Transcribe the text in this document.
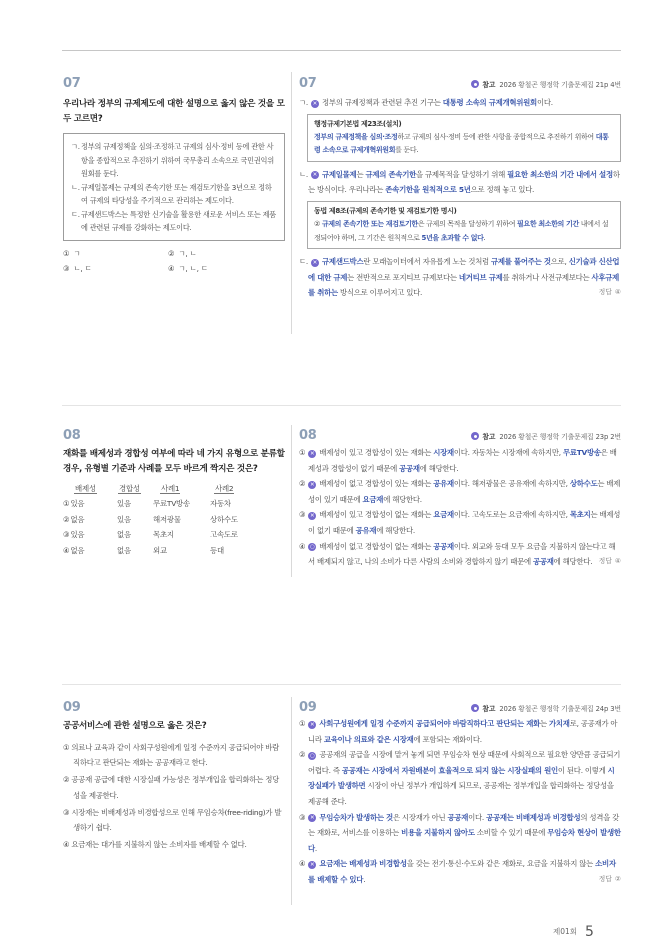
07

우리나라 정부의 규제제도에 대한 설명으로 옳지 않은 것을 모두 고르면?

ㄱ. 정부의 규제정책을 심의·조정하고 규제의 심사·정비 등에 관한 사항을 종합적으로 추진하기 위하여 국무총리 소속으로 국민권익위원회를 둔다.
ㄴ. 규제일몰제는 규제의 존속기한 또는 재검토기한을 3년으로 정하여 규제의 타당성을 주기적으로 관리하는 제도이다.
ㄷ. 규제샌드박스는 특정한 신기술을 활용한 새로운 서비스 또는 제품에 관련된 규제를 강화하는 제도이다.
① ㄱ	② ㄱ, ㄴ
③ ㄴ, ㄷ	④ ㄱ, ㄴ, ㄷ
07	참고 2026 황철곤 행정학 기출문제집 21p 4번

ㄱ. ✕ 정부의 규제정책과 관련된 추진 기구는 대통령 소속의 규제개혁위원회이다.

행정규제기본법 제23조(설치)
정부의 규제정책을 심의·조정하고 규제의 심사·정비 등에 관한 사항을 종합적으로 추진하기 위하여 대통령 소속으로 규제개혁위원회를 둔다.

ㄴ. ✕ 규제일몰제는 규제의 존속기한을 규제목적을 달성하기 위해 필요한 최소한의 기간 내에서 설정하는 방식이다. 우리나라는 존속기한을 원칙적으로 5년으로 정해 놓고 있다.

동법 제8조(규제의 존속기한 및 재검토기한 명시)
② 규제의 존속기한 또는 재검토기한은 규제의 목적을 달성하기 위하여 필요한 최소한의 기간 내에서 설정되어야 하며, 그 기간은 원칙적으로 5년을 초과할 수 없다.

ㄷ. ✕ 규제샌드박스란 모래놀이터에서 자유롭게 노는 것처럼 규제를 풀어주는 것으로, 신기술과 신산업에 대한 규제는 전반적으로 포지티브 규제보다는 네거티브 규제를 취하거나 사전규제보다는 사후규제를 취하는 방식으로 이루어지고 있다.	정답 ④

08

재화를 배제성과 경합성 여부에 따라 네 가지 유형으로 분류할 경우, 유형별 기준과 사례를 모두 바르게 짝지은 것은?

배제성	경합성	사례1	사례2
①있음	있음	무료TV방송	자동차
②없음	있음	해저광물	상하수도
③있음	없음	목초지	고속도로
④없음	없음	외교	등대
08	참고 2026 황철곤 행정학 기출문제집 23p 2번

① ✕ 배제성이 있고 경합성이 있는 재화는 시장재이다. 자동차는 시장재에 속하지만, 무료TV방송은 배제성과 경합성이 없기 때문에 공공재에 해당한다.

② ✕ 배제성이 없고 경합성이 있는 재화는 공유재이다. 해저광물은 공유재에 속하지만, 상하수도는 배제성이 있기 때문에 요금재에 해당한다.

③ ✕ 배제성이 있고 경합성이 없는 재화는 요금재이다. 고속도로는 요금재에 속하지만, 목초지는 배제성이 없기 때문에 공유재에 해당한다.

④ ○ 배제성이 없고 경합성이 없는 재화는 공공재이다. 외교와 등대 모두 요금을 지불하지 않는다고 해서 배제되지 않고, 나의 소비가 다른 사람의 소비와 경합하지 않기 때문에 공공재에 해당한다. 정답 ④

09

공공서비스에 관한 설명으로 옳은 것은?

① 의료나 교육과 같이 사회구성원에게 일정 수준까지 공급되어야 바람직하다고 판단되는 재화는 공공재라고 한다.

② 공공재 공급에 대한 시장실패 가능성은 정부개입을 합리화하는 정당성을 제공한다.

③ 시장재는 비배제성과 비경합성으로 인해 무임승차(free-riding)가 발생하기 쉽다.

④ 요금재는 대가를 지불하지 않는 소비자를 배제할 수 없다.

09	참고 2026 황철곤 행정학 기출문제집 24p 3번

① ✕ 사회구성원에게 일정 수준까지 공급되어야 바람직하다고 판단되는 재화는 가치재로, 공공재가 아니라 교육이나 의료와 같은 시장재에 포함되는 재화이다.

② ○ 공공재의 공급을 시장에 맡겨 놓게 되면 무임승차 현상 때문에 사회적으로 필요한 양만큼 공급되기 어렵다. 즉 공공재는 시장에서 자원배분이 효율적으로 되지 않는 시장실패의 원인이 된다. 이렇게 시장실패가 발생하면 시장이 아닌 정부가 개입하게 되므로, 공공재는 정부개입을 합리화하는 정당성을 제공해 준다.

③ ✕ 무임승차가 발생하는 것은 시장재가 아닌 공공재이다. 공공재는 비배제성과 비경합성의 성격을 갖는 재화로, 서비스를 이용하는 비용을 지불하지 않아도 소비할 수 있기 때문에 무임승차 현상이 발생한다.

④ ✕ 요금재는 배제성과 비경합성을 갖는 전기·통신·수도와 같은 재화로, 요금을 지불하지 않는 소비자를 배제할 수 있다.	정답 ②

제01회 5
